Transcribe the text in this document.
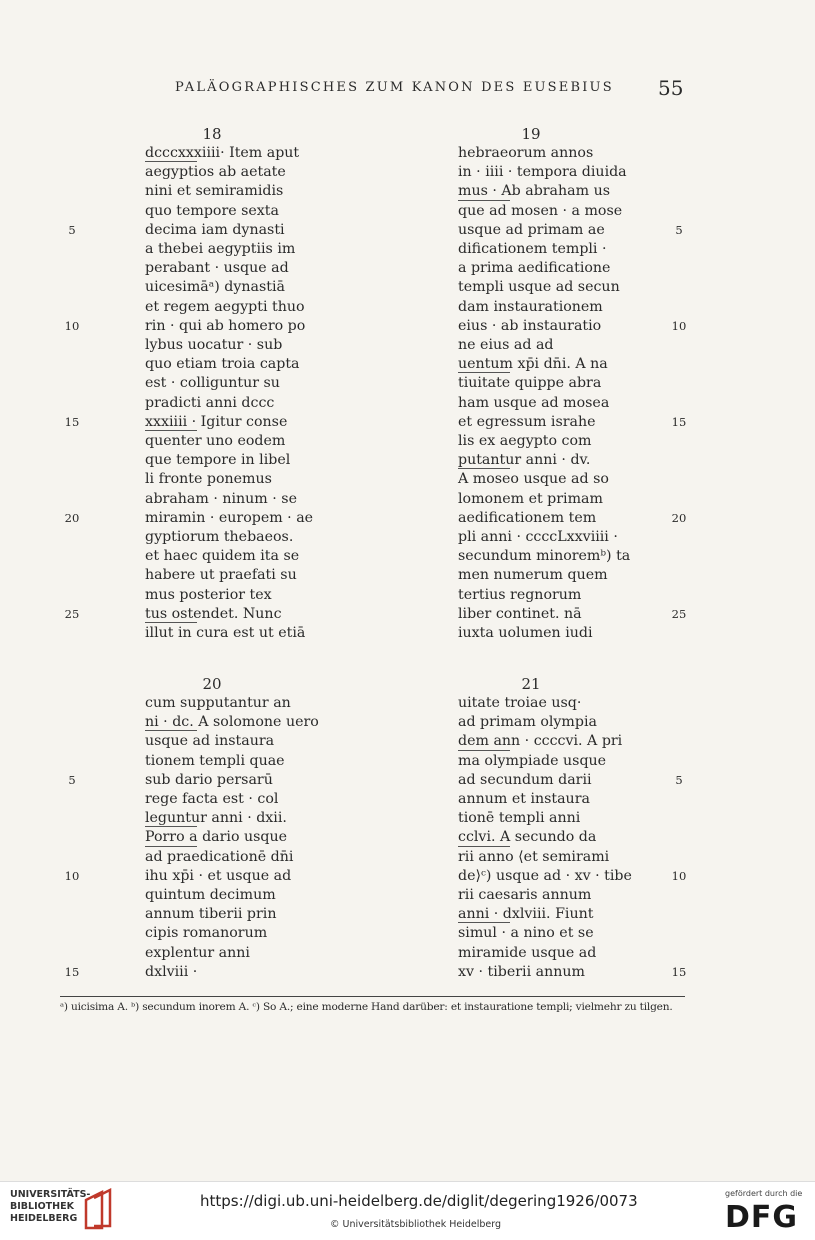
PALÄOGRAPHISCHES ZUM KANON DES EUSEBIUS 55
18
dcccxxxiiii· Item aput
aegyptios ab aetate
nini et semiramidis
quo tempore sexta
decima iam dynasti
a thebei aegyptiis im
perabant · usque ad
uicesimāᵃ) dynastiā
et regem aegypti thuo
rin · qui ab homero po
lybus uocatur · sub
quo etiam troia capta
est · colliguntur su
pradicti anni dccc
xxxiiii · Igitur conse
quenter uno eodem
que tempore in libel
li fronte ponemus
abraham · ninum · se
miramin · europem · ae
gyptiorum thebaeos.
et haec quidem ita se
habere ut praefati su
mus posterior tex
tus ostendet. Nunc
illut in cura est ut etiā
19
hebraeorum annos
in · iiii · tempora diuida
mus · Ab abraham us
que ad mosen · a mose
usque ad primam ae
dificationem templi ·
a prima aedificatione
templi usque ad secun
dam instaurationem
eius · ab instauratio
ne eius ad ad
uentum xp̄i dn̄i. A na
tiuitate quippe abra
ham usque ad mosea
et egressum israhe
lis ex aegypto com
putantur anni · dv.
A moseo usque ad so
lomonem et primam
aedificationem tem
pli anni · ccccLxxviiii ·
secundum minoremᵇ) ta
men numerum quem
tertius regnorum
liber continet. nā
iuxta uolumen iudi
5	5
10	10
15	15
20	20
25	25
20
cum supputantur an
ni · dc. A solomone uero
usque ad instaura
tionem templi quae
sub dario persarū
rege facta est · col
leguntur anni · dxii.
Porro a dario usque
ad praedicationē dn̄i
ihu xp̄i · et usque ad
quintum decimum
annum tiberii prin
cipis romanorum
explentur anni
dxlviii ·
21
uitate troiae usq·
ad primam olympia
dem ann · ccccvi. A pri
ma olympiade usque
ad secundum darii
annum et instaura
tionē templi anni
cclvi. A secundo da
rii anno ⟨et semirami
de⟩ᶜ) usque ad · xv · tibe
rii caesaris annum
anni · dxlviii. Fiunt
simul · a nino et se
miramide usque ad
xv · tiberii annum
5	5
10	10
15	15
ᵃ) uicisima A. ᵇ) secundum inorem A. ᶜ) So A.; eine moderne Hand darüber: et instauratione templi; vielmehr zu tilgen.
UNIVERSITÄTS-
BIBLIOTHEK
HEIDELBERG
https://digi.ub.uni-heidelberg.de/diglit/degering1926/0073
© Universitätsbibliothek Heidelberg
gefördert durch die
DFG
